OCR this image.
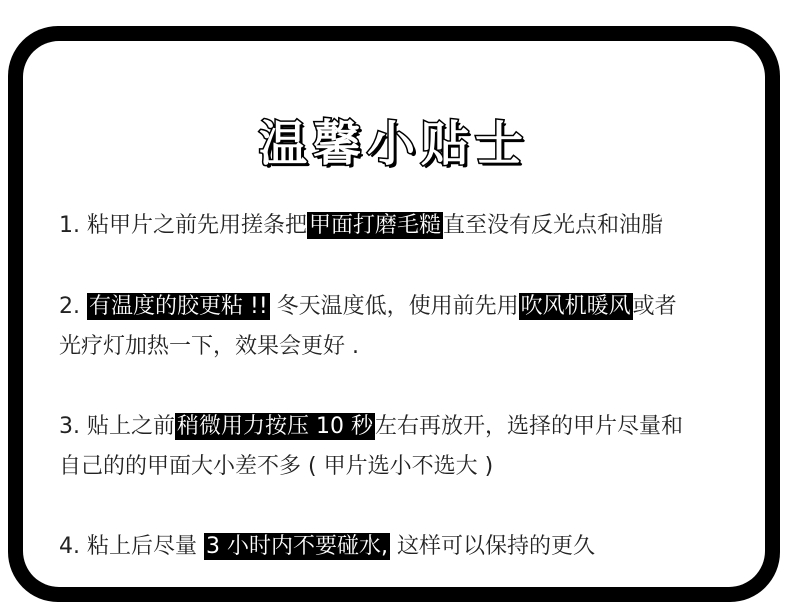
温馨小贴士
1. 粘甲片之前先用搓条把甲面打磨毛糙直至没有反光点和油脂
2. 有温度的胶更粘 !! 冬天温度低，使用前先用吹风机暖风或者
光疗灯加热一下，效果会更好 .
3. 贴上之前稍微用力按压 10 秒左右再放开，选择的甲片尽量和
自己的的甲面大小差不多 ( 甲片选小不选大 )
4. 粘上后尽量 3 小时内不要碰水, 这样可以保持的更久
